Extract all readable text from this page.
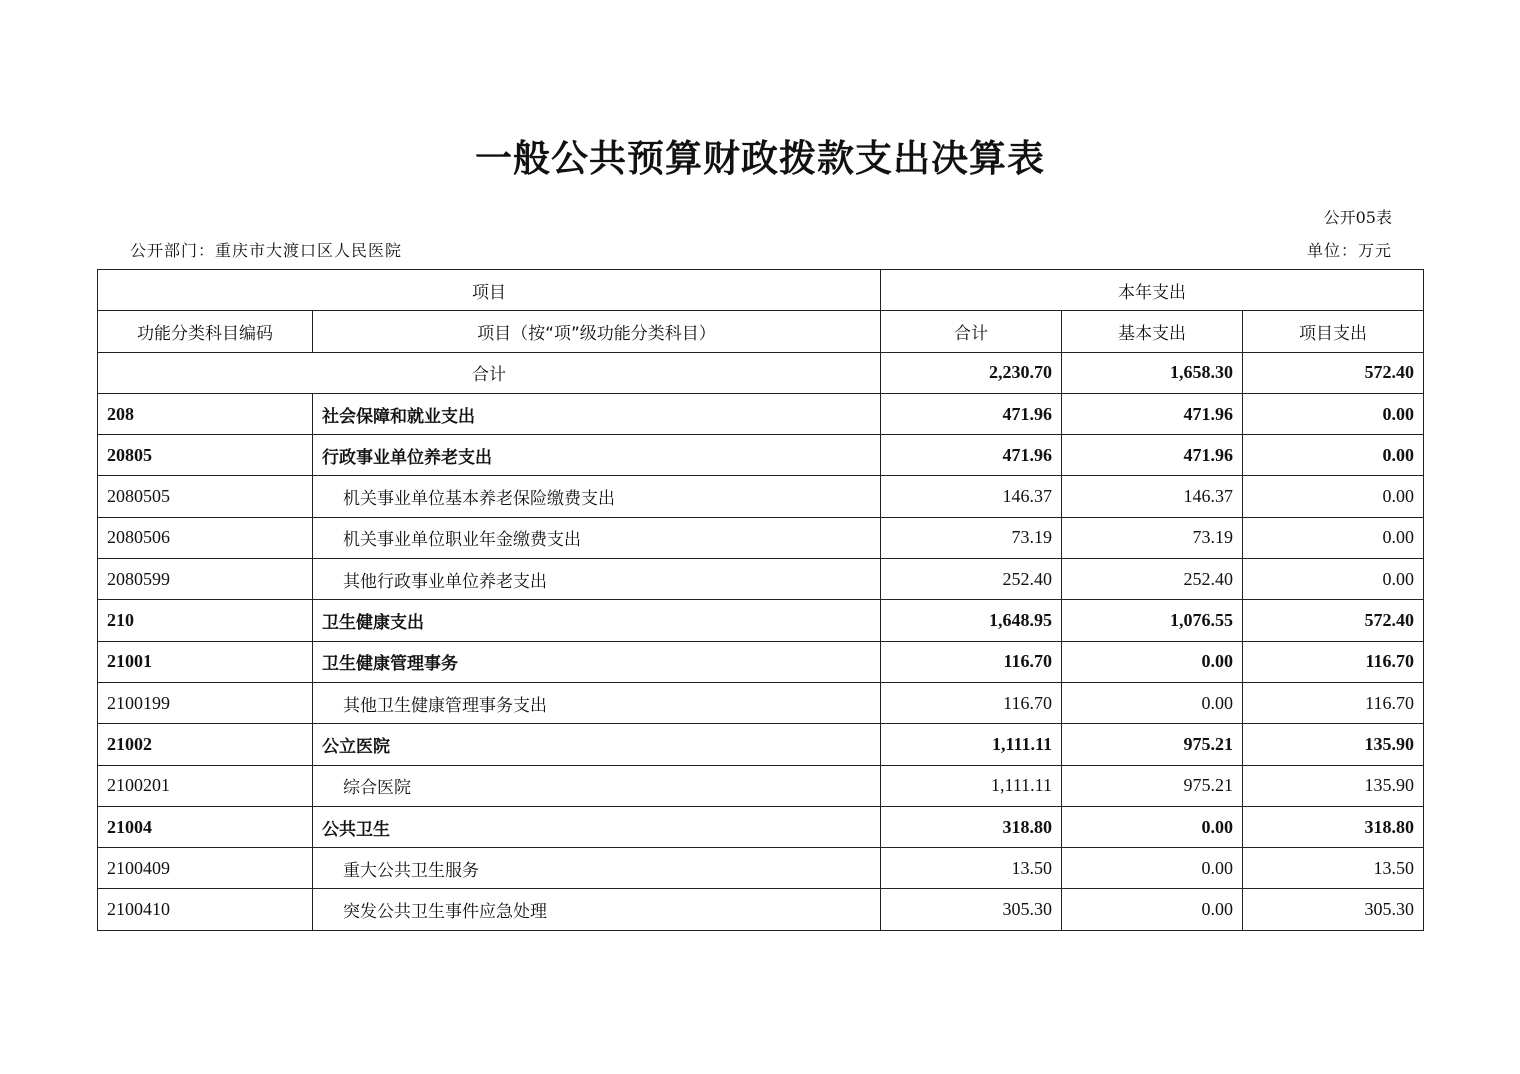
一般公共预算财政拨款支出决算表
公开05表
公开部门：重庆市大渡口区人民医院	单位：万元
项目		本年支出		
功能分类科目编码	项目（按“项”级功能分类科目）	合计	基本支出	项目支出
合计		2,230.70	1,658.30	572.40
208	社会保障和就业支出	471.96	471.96	0.00
20805	行政事业单位养老支出	471.96	471.96	0.00
2080505	机关事业单位基本养老保险缴费支出	146.37	146.37	0.00
2080506	机关事业单位职业年金缴费支出	73.19	73.19	0.00
2080599	其他行政事业单位养老支出	252.40	252.40	0.00
210	卫生健康支出	1,648.95	1,076.55	572.40
21001	卫生健康管理事务	116.70	0.00	116.70
2100199	其他卫生健康管理事务支出	116.70	0.00	116.70
21002	公立医院	1,111.11	975.21	135.90
2100201	综合医院	1,111.11	975.21	135.90
21004	公共卫生	318.80	0.00	318.80
2100409	重大公共卫生服务	13.50	0.00	13.50
2100410	突发公共卫生事件应急处理	305.30	0.00	305.30
